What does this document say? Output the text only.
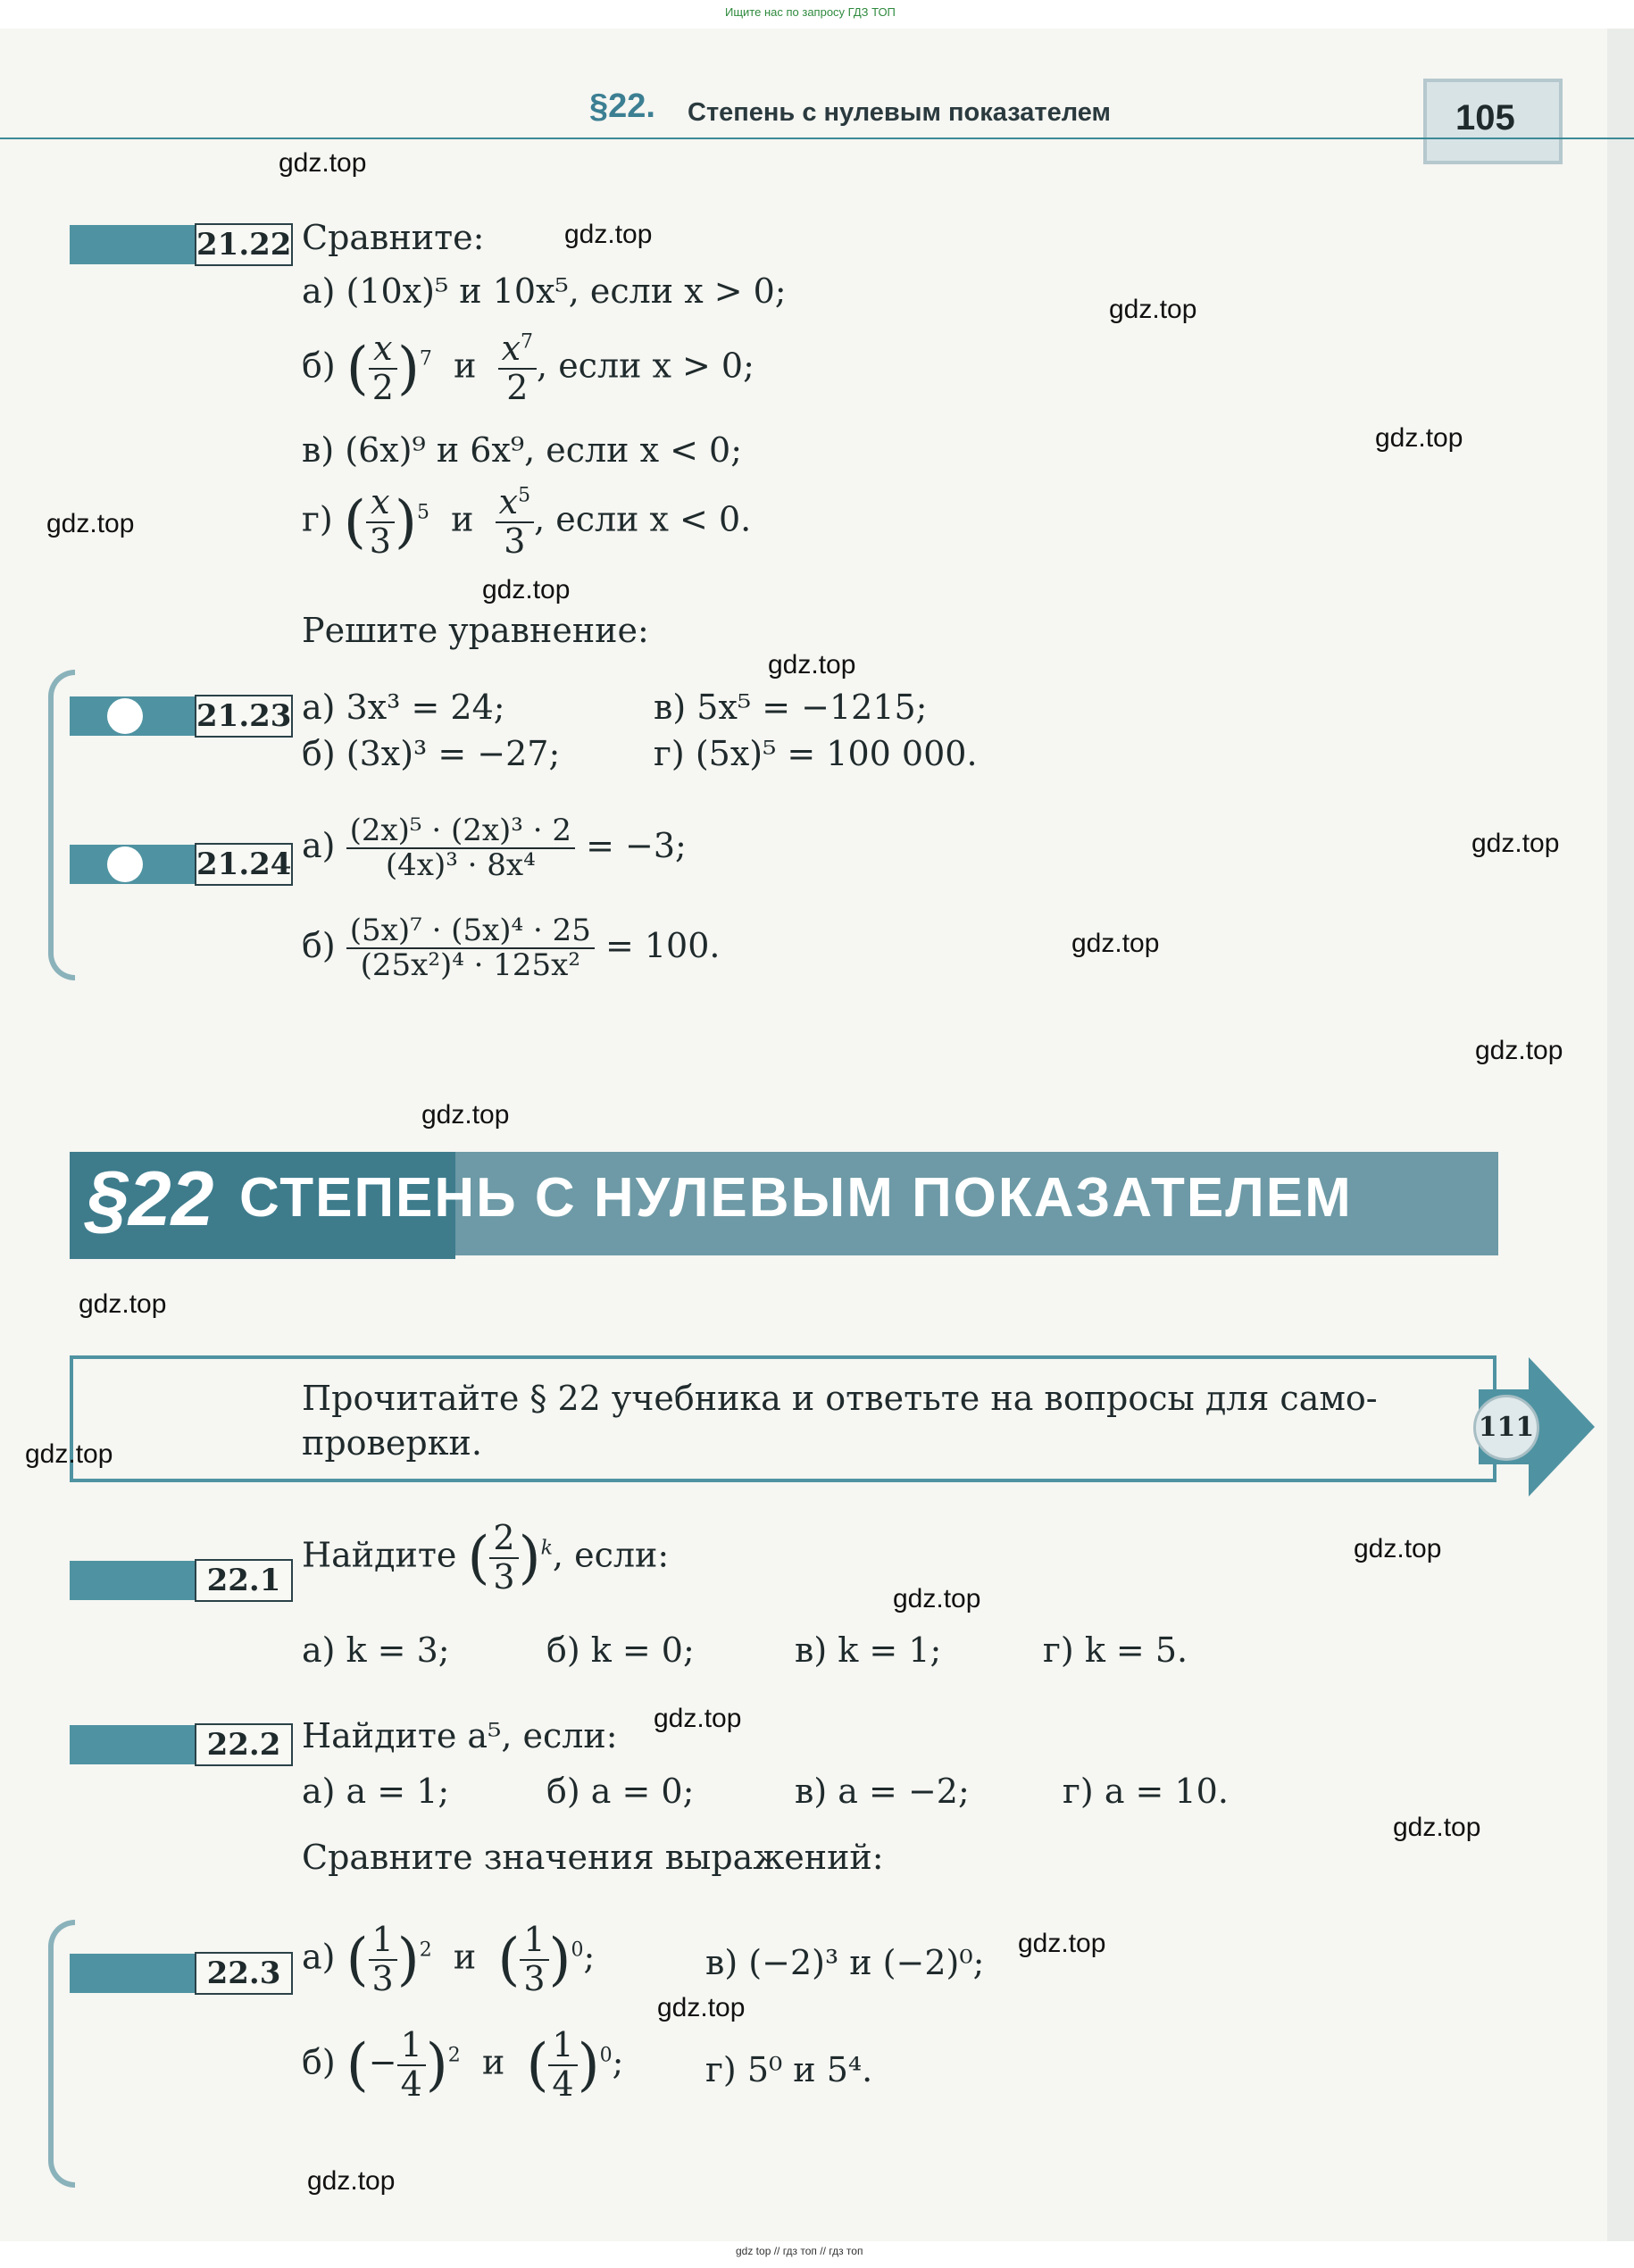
Ищите нас по запросу ГДЗ ТОП
§22. Степень с нулевым показателем	105
21.22 Сравните:
а) (10x)⁵ и 10x⁵, если x > 0;
б) ( $\frac{x}{2} )^7$ и $\frac{x^7}{2}$ , если x > 0;
в) (6x)⁹ и 6x⁹, если x < 0;
г) ( $\frac{x}{3} )^5$ и $\frac{x^5}{3}$ , если x < 0.
Решите уравнение:
21.23 а) 3x³ = 24;	в) 5x⁵ = −1215;
б) (3x)³ = −27;	г) (5x)⁵ = 100 000.
21.24 $а) \frac{\text{(2x)⁵ · (2x)³ · 2}}{\text{(4x)³ · 8x⁴}} = -3$;
$б) \frac{\text{(5x)⁷ · (5x)⁴ · 25}}{\text{(25x²)⁴ · 125x²}} = 100$.
§22 СТЕПЕНЬ С НУЛЕВЫМ ПОКАЗАТЕЛЕМ
111
Прочитайте § 22 учебника и ответьте на вопросы для само-
проверки.
22.1
Найдите ( $\frac{2}{3} )^k$, если:
а) k = 3;	б) k = 0;	в) k = 1;	г) k = 5.
22.2 Найдите a⁵, если:
а) a = 1;	б) a = 0;	в) a = −2;	г) a = 10.
Сравните значения выражений:
22.3 а) ( $\frac{1}{3} )^2$ и ( $\frac{1}{3} )^0$;	в) (−2)³ и (−2)⁰;
б) (− $\frac{1}{4} )^2$ и ( $\frac{1}{4} )^0$; г) 5⁰ и 5⁴.
gdz.top
gdz.top
gdz.top
gdz.top
gdz.top
gdz.top
gdz.top
gdz.top
gdz.top
gdz.top
gdz.top
gdz.top
gdz.top
gdz.top
gdz.top
gdz.top
gdz.top
gdz.top
gdz.top
gdz.top
gdz top // гдз топ // гдз топ
